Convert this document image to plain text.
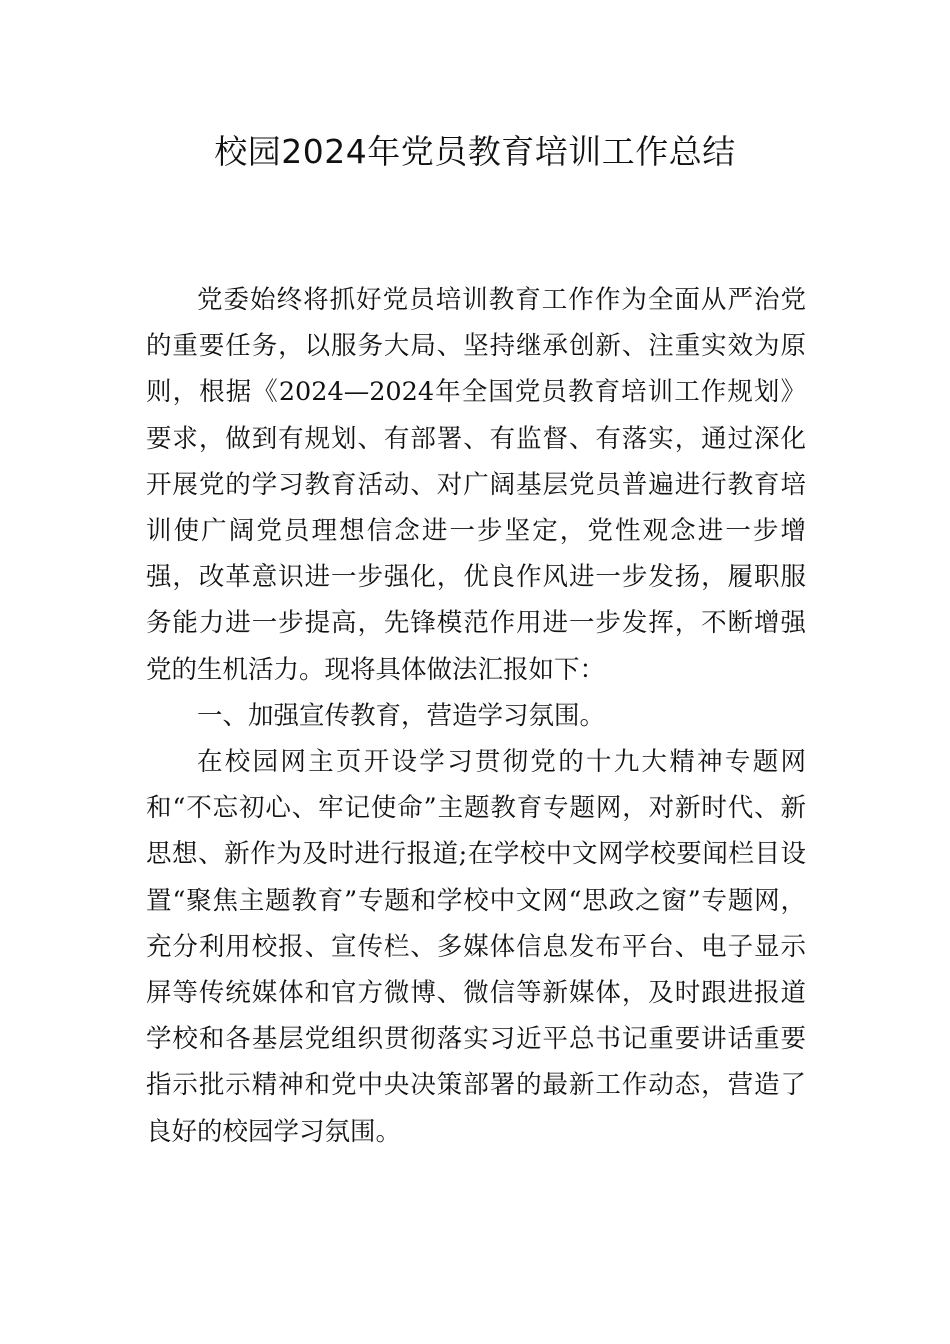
校园2024年党员教育培训工作总结

党委始终将抓好党员培训教育工作作为全面从严治党的重要任务，以服务大局、坚持继承创新、注重实效为原则，根据《2024—2024年全国党员教育培训工作规划》要求，做到有规划、有部署、有监督、有落实，通过深化开展党的学习教育活动、对广阔基层党员普遍进行教育培训使广阔党员理想信念进一步坚定，党性观念进一步增强，改革意识进一步强化，优良作风进一步发扬，履职服务能力进一步提高，先锋模范作用进一步发挥，不断增强党的生机活力。现将具体做法汇报如下：

一、加强宣传教育，营造学习氛围。

在校园网主页开设学习贯彻党的十九大精神专题网和“不忘初心、牢记使命”主题教育专题网，对新时代、新思想、新作为及时进行报道;在学校中文网学校要闻栏目设置“聚焦主题教育”专题和学校中文网“思政之窗”专题网，充分利用校报、宣传栏、多媒体信息发布平台、电子显示屏等传统媒体和官方微博、微信等新媒体，及时跟进报道学校和各基层党组织贯彻落实习近平总书记重要讲话重要指示批示精神和党中央决策部署的最新工作动态，营造了良好的校园学习氛围。
